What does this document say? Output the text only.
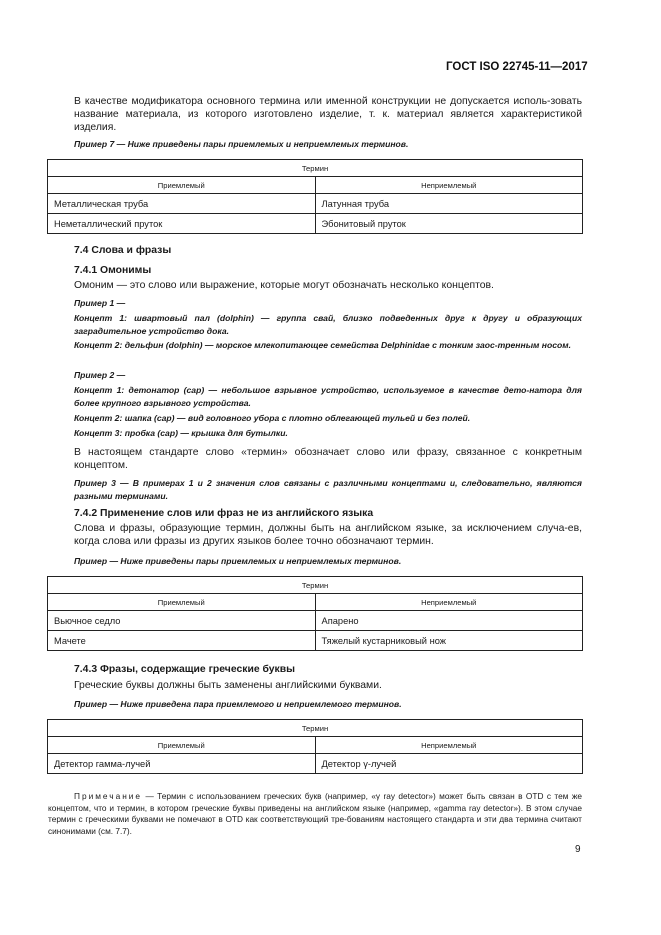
ГОСТ ISO 22745-11—2017
В качестве модификатора основного термина или именной конструкции не допускается исполь-зовать название материала, из которого изготовлено изделие, т. к. материал является характеристикой изделия.
Пример 7 — Ниже приведены пары приемлемых и неприемлемых терминов.
Термин	
Приемлемый	Неприемлемый
Металлическая труба	Латунная труба
Неметаллический пруток	Эбонитовый пруток
7.4 Слова и фразы
7.4.1 Омонимы
Омоним — это слово или выражение, которые могут обозначать несколько концептов.
Пример 1 —
Концепт 1: швартовый пал (dolphin) — группа свай, близко подведенных друг к другу и образующих заградительное устройство дока.
Концепт 2: дельфин (dolphin) — морское млекопитающее семейства Delphinidae с тонким заос-тренным носом.
Пример 2 —
Концепт 1: детонатор (cap) — небольшое взрывное устройство, используемое в качестве дето-натора для более крупного взрывного устройства.
Концепт 2: шапка (cap) — вид головного убора с плотно облегающей тульей и без полей.
Концепт 3: пробка (cap) — крышка для бутылки.
В настоящем стандарте слово «термин» обозначает слово или фразу, связанное с конкретным концептом.
Пример 3 — В примерах 1 и 2 значения слов связаны с различными концептами и, следовательно, являются разными терминами.
7.4.2 Применение слов или фраз не из английского языка
Слова и фразы, образующие термин, должны быть на английском языке, за исключением случа-ев, когда слова или фразы из других языков более точно обозначают термин.
Пример — Ниже приведены пары приемлемых и неприемлемых терминов.
Термин	
Приемлемый	Неприемлемый
Вьючное седло	Апарено
Мачете	Тяжелый кустарниковый нож
7.4.3 Фразы, содержащие греческие буквы
Греческие буквы должны быть заменены английскими буквами.
Пример — Ниже приведена пара приемлемого и неприемлемого терминов.
Термин	
Приемлемый	Неприемлемый
Детектор гамма-лучей	Детектор γ-лучей
Примечание — Термин с использованием греческих букв (например, «γ ray detector») может быть связан в OTD с тем же концептом, что и термин, в котором греческие буквы приведены на английском языке (например, «gamma ray detector»). В этом случае термин с греческими буквами не помечают в OTD как соответствующий тре-бованиям настоящего стандарта и эти два термина считают синонимами (см. 7.7).
9
